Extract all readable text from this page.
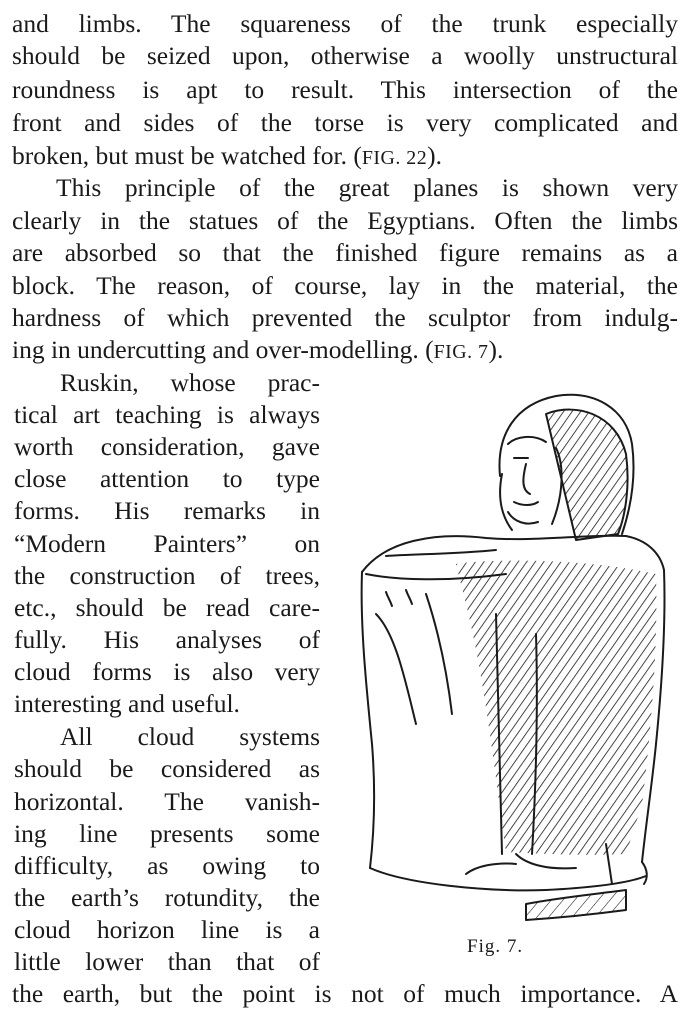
and limbs. The squareness of the trunk especially
should be seized upon, otherwise a woolly unstructural
roundness is apt to result. This intersection of the
front and sides of the torse is very complicated and
broken, but must be watched for. (FIG. 22).
This principle of the great planes is shown very
clearly in the statues of the Egyptians. Often the limbs
are absorbed so that the finished figure remains as a
block. The reason, of course, lay in the material, the
hardness of which prevented the sculptor from indulg-
ing in undercutting and over-modelling. (FIG. 7).
Ruskin, whose prac-
tical art teaching is always
worth consideration, gave
close attention to type
forms. His remarks in
“Modern Painters” on
the construction of trees,
etc., should be read care-
fully. His analyses of
cloud forms is also very
interesting and useful.
All cloud systems
should be considered as
horizontal. The vanish-
ing line presents some
difficulty, as owing to
the earth’s rotundity, the
cloud horizon line is a
little lower than that of
the earth, but the point is not of much importance. A
Fig. 7.
